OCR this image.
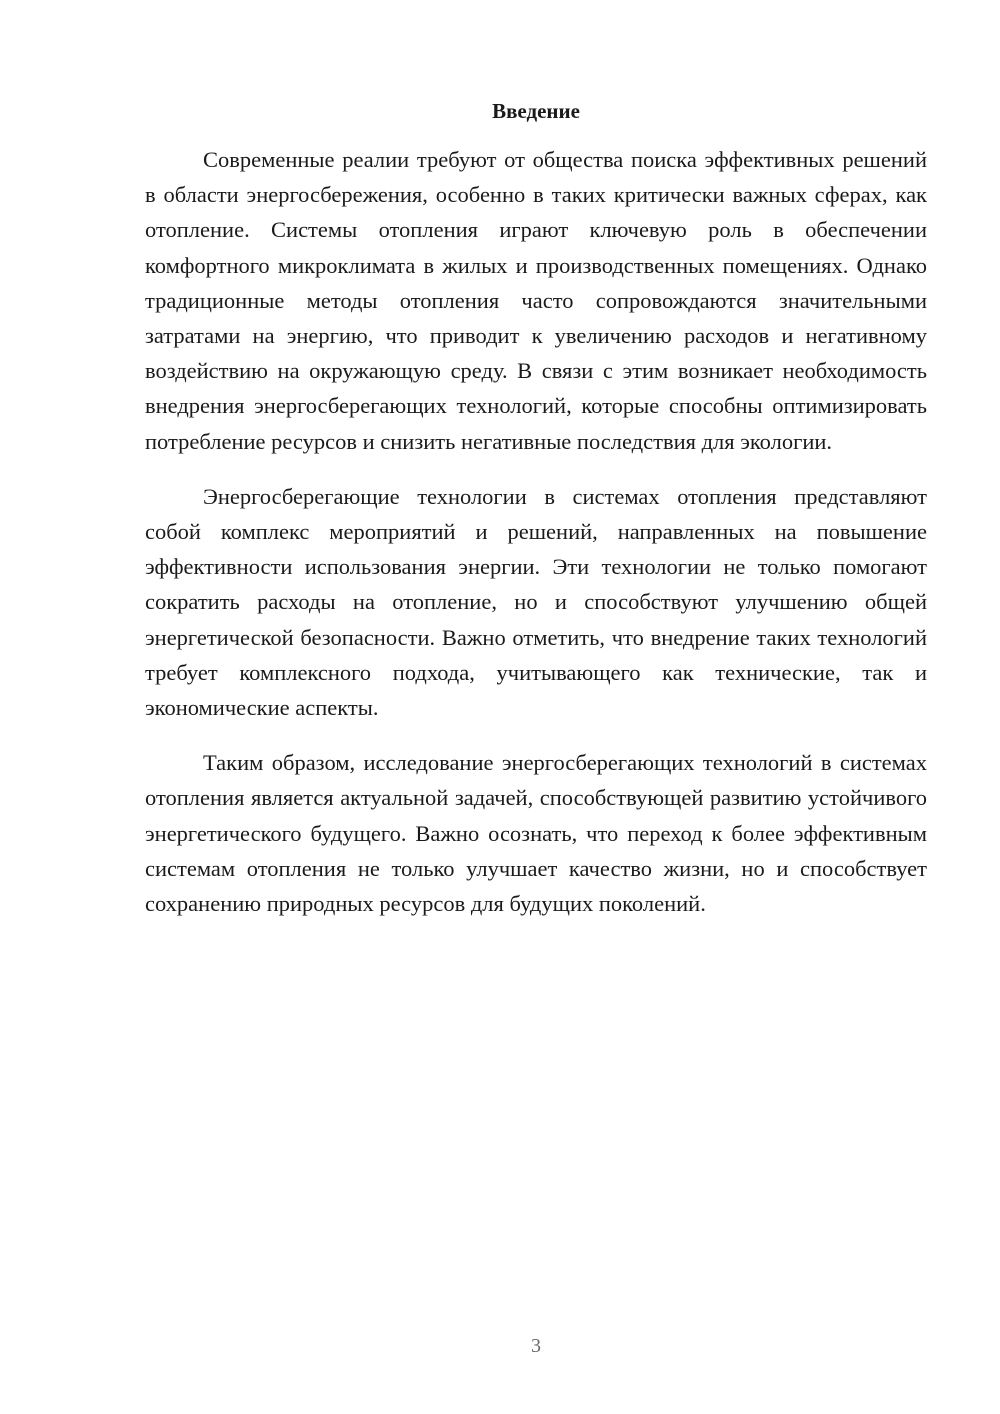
Введение

Современные реалии требуют от общества поиска эффективных решений в области энергосбережения, особенно в таких критически важных сферах, как отопление. Системы отопления играют ключевую роль в обеспечении комфортного микроклимата в жилых и производственных помещениях. Однако традиционные методы отопления часто сопровождаются значительными затратами на энергию, что приводит к увеличению расходов и негативному воздействию на окружающую среду. В связи с этим возникает необходимость внедрения энергосберегающих технологий, которые способны оптимизировать потребление ресурсов и снизить негативные последствия для экологии.

Энергосберегающие технологии в системах отопления представляют собой комплекс мероприятий и решений, направленных на повышение эффективности использования энергии. Эти технологии не только помогают сократить расходы на отопление, но и способствуют улучшению общей энергетической безопасности. Важно отметить, что внедрение таких технологий требует комплексного подхода, учитывающего как технические, так и экономические аспекты.

Таким образом, исследование энергосберегающих технологий в системах отопления является актуальной задачей, способствующей развитию устойчивого энергетического будущего. Важно осознать, что переход к более эффективным системам отопления не только улучшает качество жизни, но и способствует сохранению природных ресурсов для будущих поколений.

3
